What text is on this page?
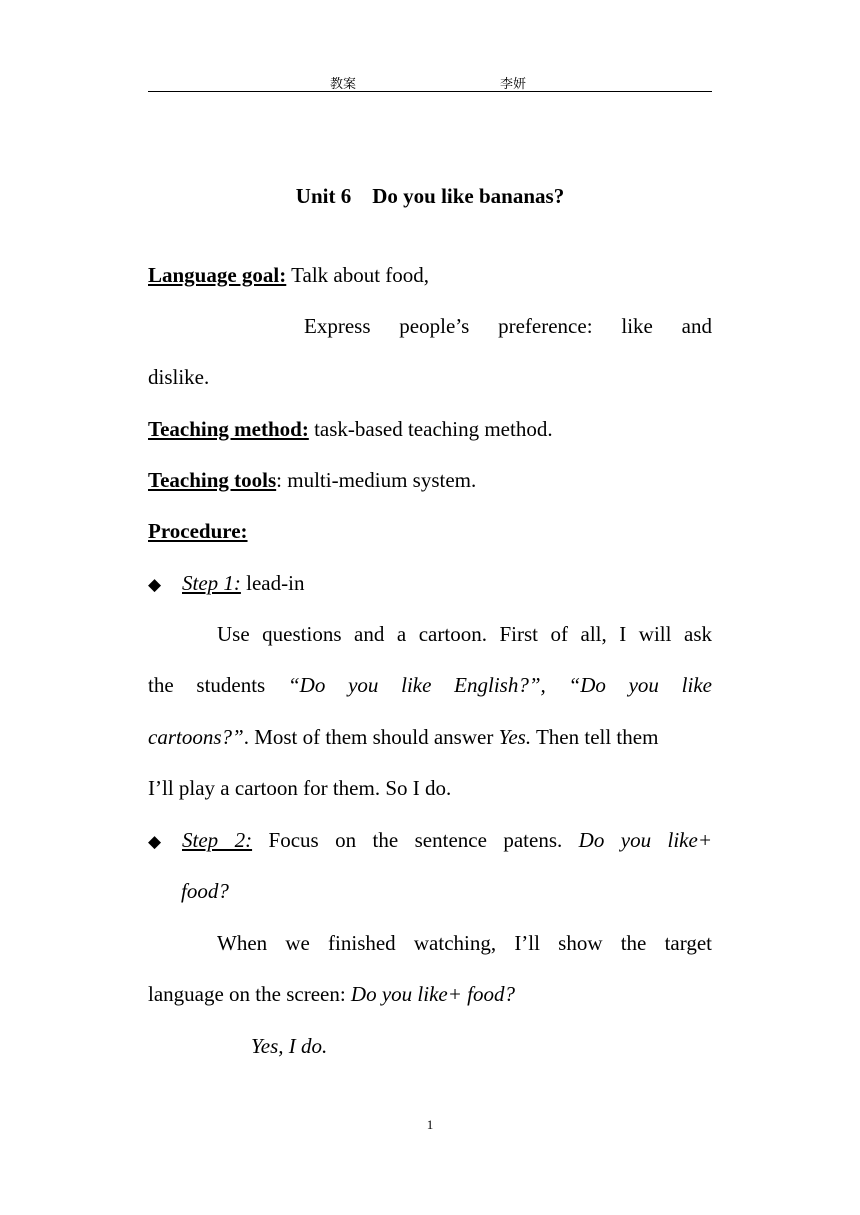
教案	李妍
Unit 6    Do you like bananas?
Language goal: Talk about food,
Express people’s preference: like and
dislike.
Teaching method: task-based teaching method.
Teaching tools: multi-medium system.
Procedure:
◆ Step 1: lead-in
Use questions and a cartoon. First of all, I will ask
the students “Do you like English?”, “Do you like
cartoons?”. Most of them should answer Yes. Then tell them
I’ll play a cartoon for them. So I do.
◆ Step 2: Focus on the sentence patens. Do you like+
food?
When we finished watching, I’ll show the target
language on the screen: Do you like+ food?
Yes, I do.
1
